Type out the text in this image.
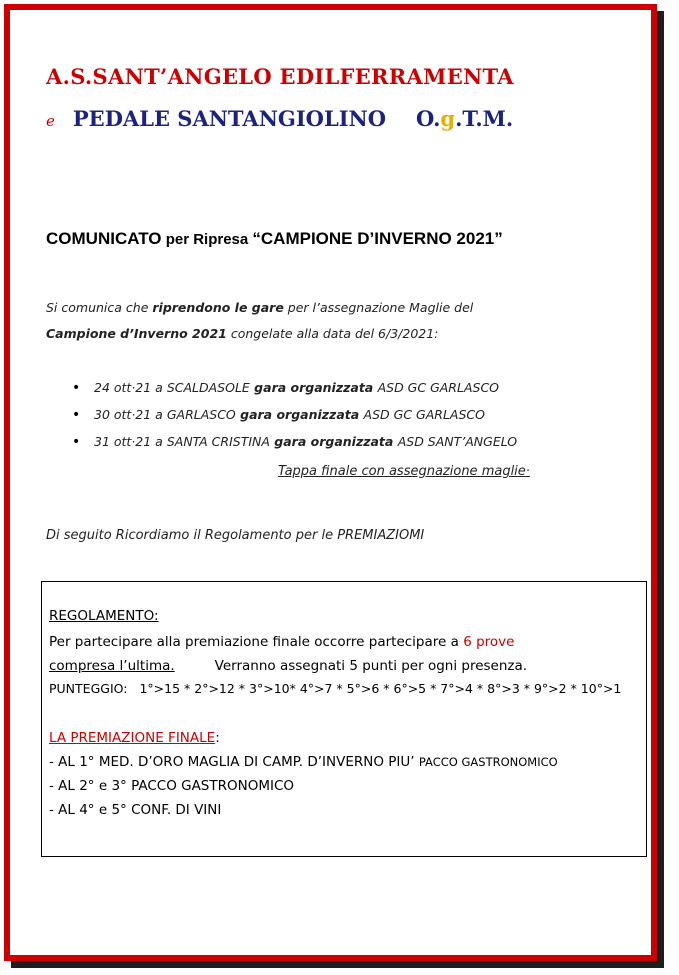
A.S.SANT’ANGELO EDILFERRAMENTA
e PEDALE SANTANGIOLINO O.g.T.M.
COMUNICATO per Ripresa “CAMPIONE D’INVERNO 2021”
Si comunica che riprendono le gare per l’assegnazione Maglie del
Campione d’Inverno 2021 congelate alla data del 6/3/2021:
• 24 ott·21 a SCALDASOLE gara organizzata ASD GC GARLASCO
• 30 ott·21 a GARLASCO gara organizzata ASD GC GARLASCO
• 31 ott·21 a SANTA CRISTINA gara organizzata ASD SANT’ANGELO
Tappa finale con assegnazione maglie·
Di seguito Ricordiamo il Regolamento per le PREMIAZIOMI
REGOLAMENTO:
Per partecipare alla premiazione finale occorre partecipare a 6 prove
compresa l’ultima.	Verranno assegnati 5 punti per ogni presenza.
PUNTEGGIO: 1°>15 * 2°>12 * 3°>10* 4°>7 * 5°>6 * 6°>5 * 7°>4 * 8°>3 * 9°>2 * 10°>1
LA PREMIAZIONE FINALE:
- AL 1° MED. D’ORO MAGLIA DI CAMP. D’INVERNO PIU’ PACCO GASTRONOMICO
- AL 2° e 3° PACCO GASTRONOMICO
- AL 4° e 5° CONF. DI VINI
